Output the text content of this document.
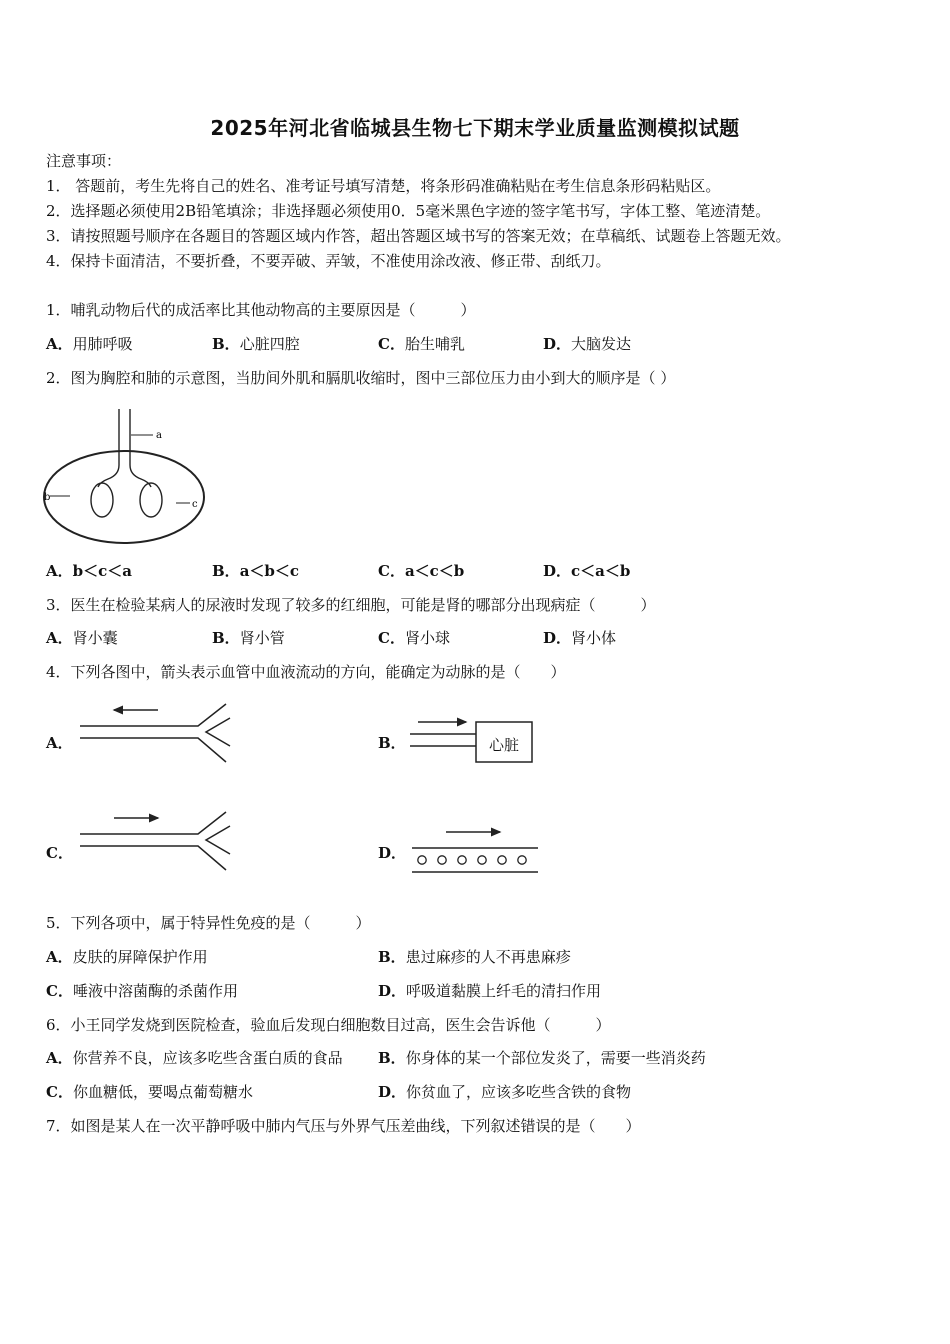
2025年河北省临城县生物七下期末学业质量监测模拟试题
注意事项：
1． 答题前，考生先将自己的姓名、准考证号填写清楚，将条形码准确粘贴在考生信息条形码粘贴区。
2．选择题必须使用2B铅笔填涂；非选择题必须使用0．5毫米黑色字迹的签字笔书写，字体工整、笔迹清楚。
3．请按照题号顺序在各题目的答题区域内作答，超出答题区域书写的答案无效；在草稿纸、试题卷上答题无效。
4．保持卡面清洁，不要折叠，不要弄破、弄皱，不准使用涂改液、修正带、刮纸刀。
1．哺乳动物后代的成活率比其他动物高的主要原因是（　　　）
A．用肺呼吸	B．心脏四腔	C．胎生哺乳	D．大脑发达
2．图为胸腔和肺的示意图，当肋间外肌和膈肌收缩时，图中三部位压力由小到大的顺序是（ ）
a
b
c
A．b＜c＜a	B．a＜b＜c	C．a＜c＜b	D．c＜a＜b
3．医生在检验某病人的尿液时发现了较多的红细胞，可能是肾的哪部分出现病症（　　　）
A．肾小囊	B．肾小管	C．肾小球	D．肾小体
4．下列各图中，箭头表示血管中血液流动的方向，能确定为动脉的是（　　）
A．	B．	心脏
C．	D．
5．下列各项中，属于特异性免疫的是（　　　）
A．皮肤的屏障保护作用	B．患过麻疹的人不再患麻疹
C．唾液中溶菌酶的杀菌作用	D．呼吸道黏膜上纤毛的清扫作用
6．小王同学发烧到医院检查，验血后发现白细胞数目过高，医生会告诉他（　　　）
A．你营养不良，应该多吃些含蛋白质的食品 B．你身体的某一个部位发炎了，需要一些消炎药
C．你血糖低，要喝点葡萄糖水	D．你贫血了，应该多吃些含铁的食物
7．如图是某人在一次平静呼吸中肺内气压与外界气压差曲线，下列叙述错误的是（　　）
